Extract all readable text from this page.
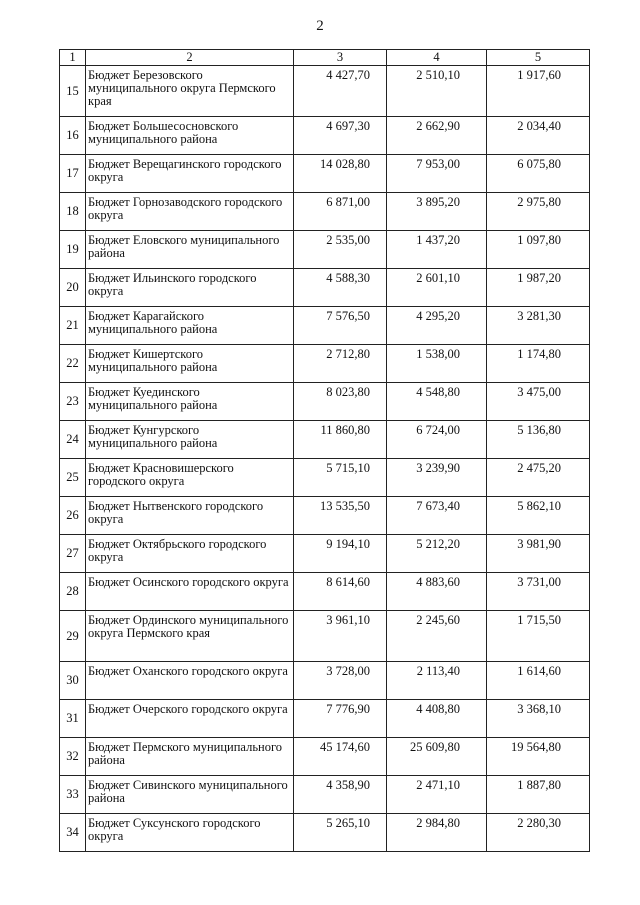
2
1	2	3	4	5
15	Бюджет Березовского муниципального округа Пермского края	4 427,70	2 510,10	1 917,60
16	Бюджет Большесосновского муниципального района	4 697,30	2 662,90	2 034,40
17	Бюджет Верещагинского городского округа	14 028,80	7 953,00	6 075,80
18	Бюджет Горнозаводского городского округа	6 871,00	3 895,20	2 975,80
19	Бюджет Еловского муниципального района	2 535,00	1 437,20	1 097,80
20	Бюджет Ильинского городского округа	4 588,30	2 601,10	1 987,20
21	Бюджет Карагайского муниципального района	7 576,50	4 295,20	3 281,30
22	Бюджет Кишертского муниципального района	2 712,80	1 538,00	1 174,80
23	Бюджет Куединского муниципального района	8 023,80	4 548,80	3 475,00
24	Бюджет Кунгурского муниципального района	11 860,80	6 724,00	5 136,80
25	Бюджет Красновишерского городского округа	5 715,10	3 239,90	2 475,20
26	Бюджет Нытвенского городского округа	13 535,50	7 673,40	5 862,10
27	Бюджет Октябрьского городского округа	9 194,10	5 212,20	3 981,90
28	Бюджет Осинского городского округа	8 614,60	4 883,60	3 731,00
29	Бюджет Ординского муниципального округа Пермского края	3 961,10	2 245,60	1 715,50
30	Бюджет Оханского городского округа	3 728,00	2 113,40	1 614,60
31	Бюджет Очерского городского округа	7 776,90	4 408,80	3 368,10
32	Бюджет Пермского муниципального района	45 174,60	25 609,80	19 564,80
33	Бюджет Сивинского муниципального района	4 358,90	2 471,10	1 887,80
34	Бюджет Суксунского городского округа	5 265,10	2 984,80	2 280,30
